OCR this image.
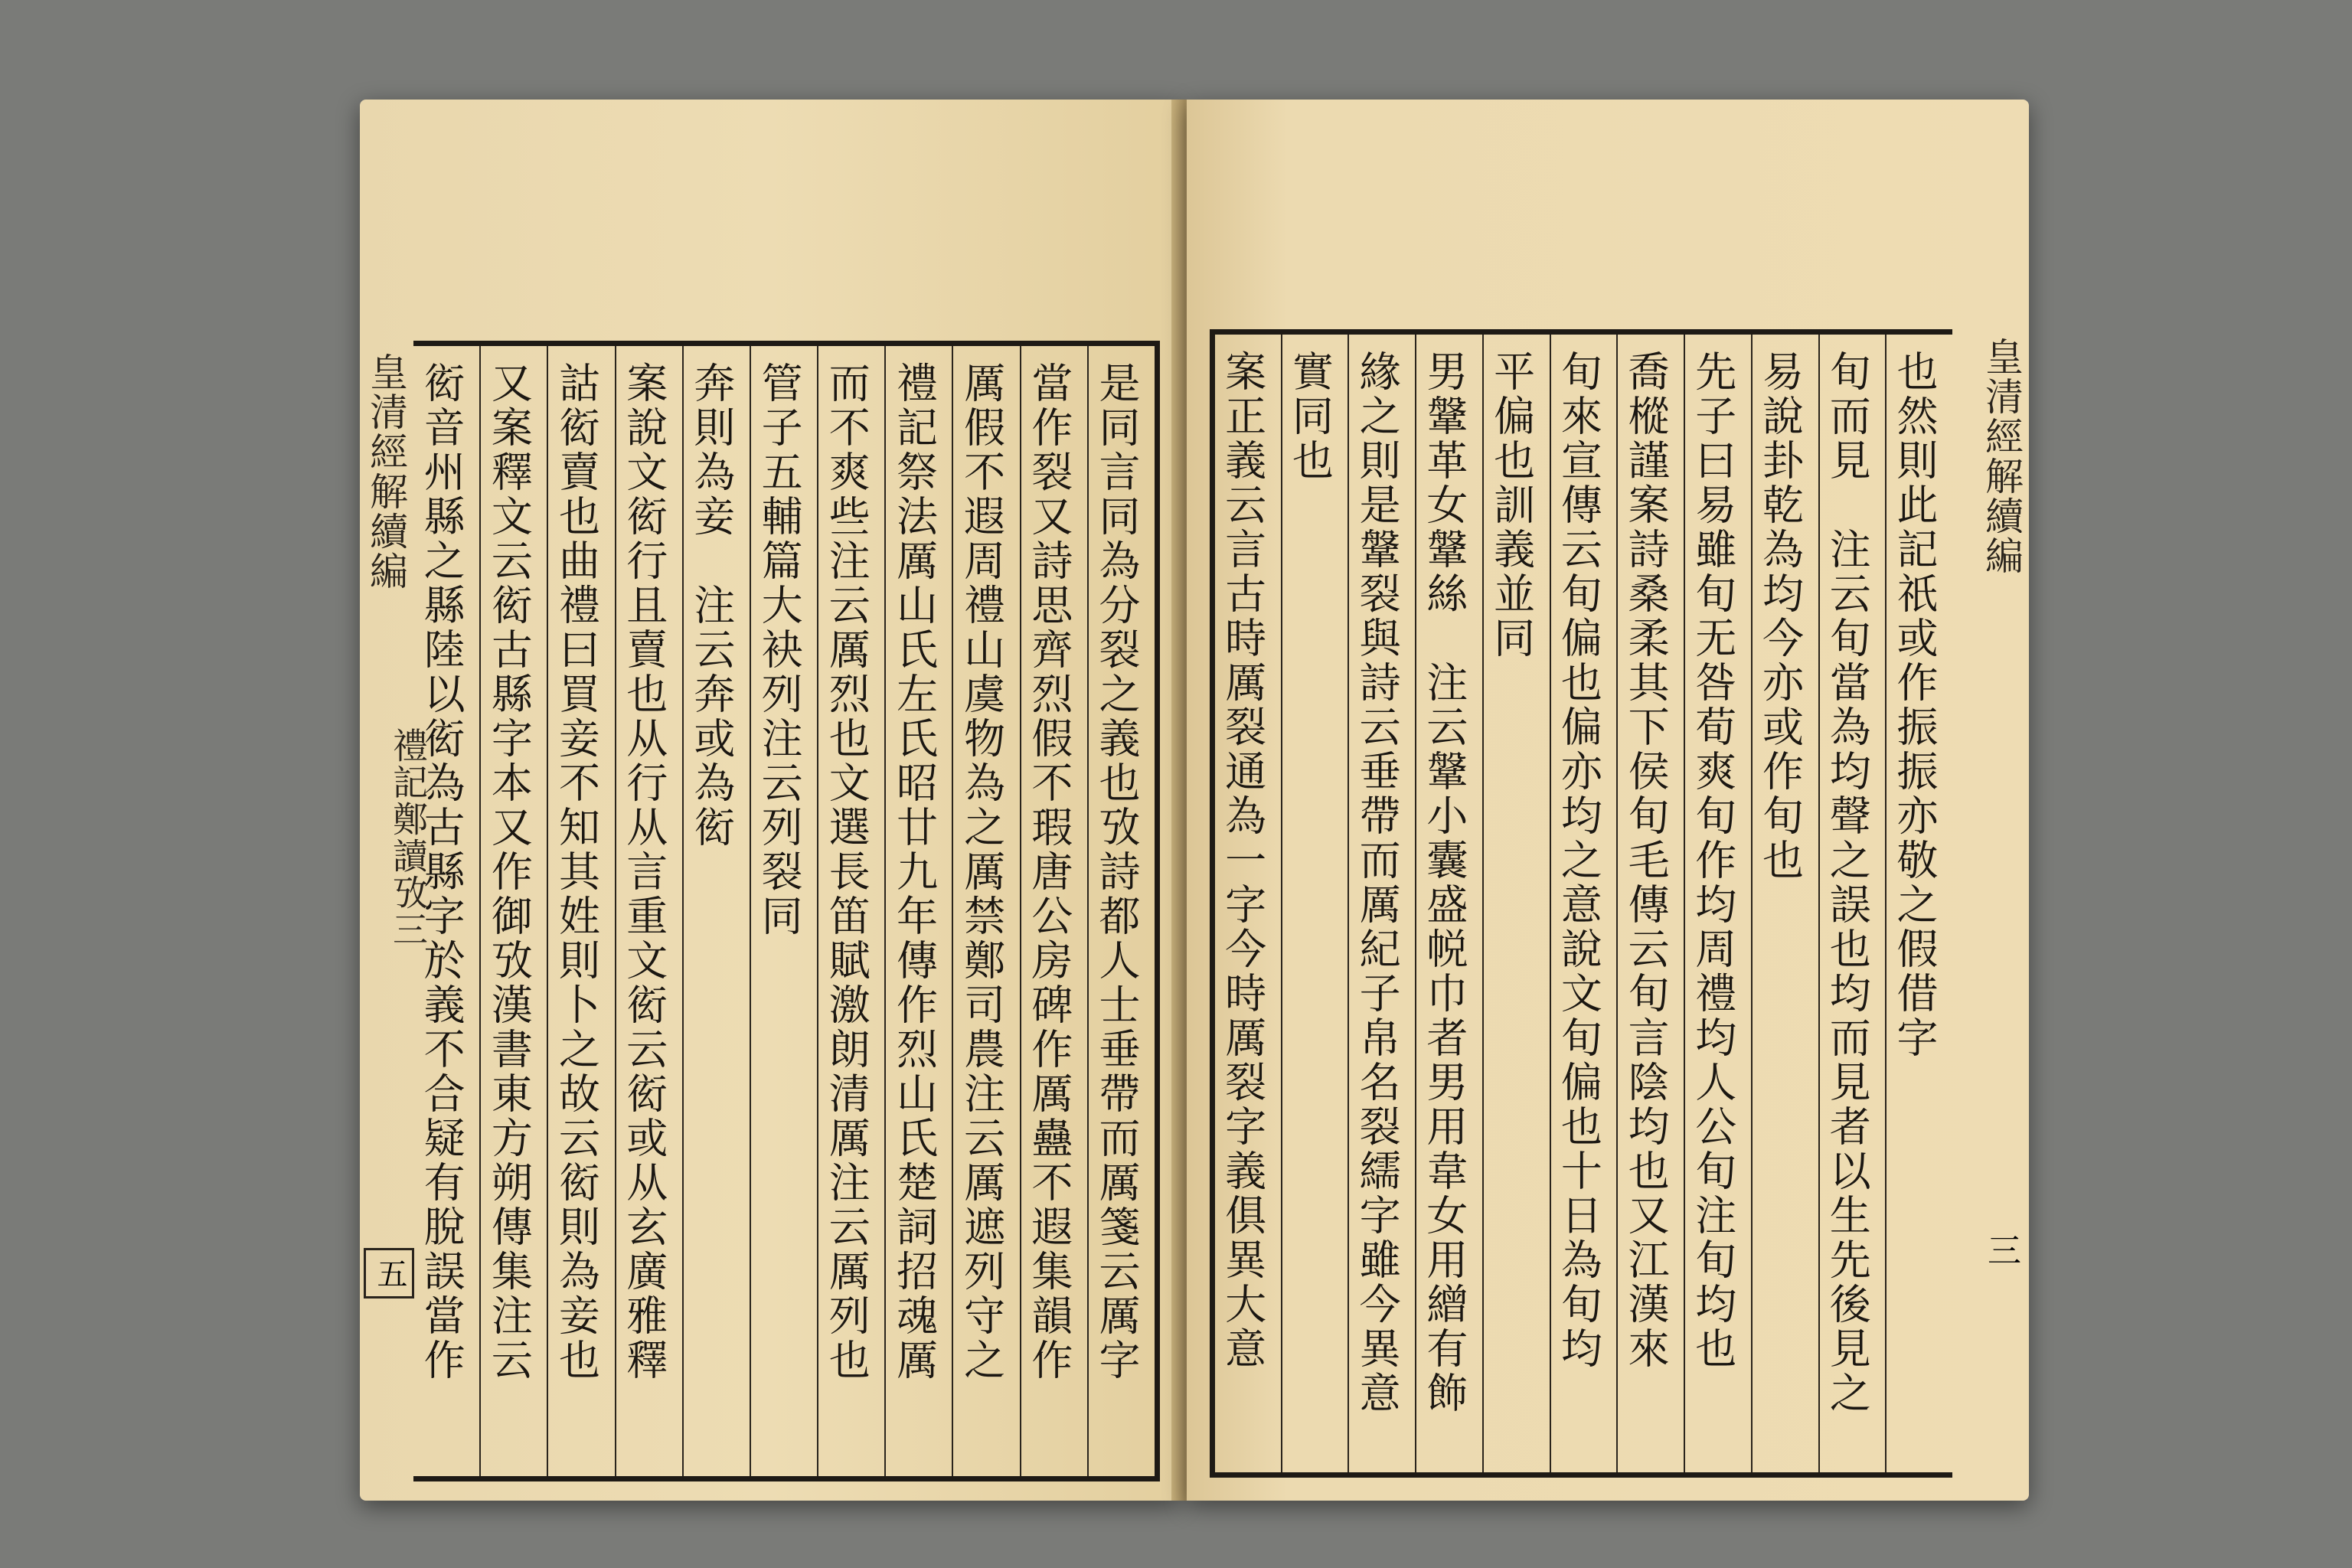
皇清經解續編
禮記鄭讀攷三
五	是同言同為分裂之義也攷詩都人士垂帶而厲箋云厲字
當作裂又詩思齊烈假不瑕唐公房碑作厲蠱不遐集韻作
厲假不遐周禮山虞物為之厲禁鄭司農注云厲遮列守之
禮記祭法厲山氏左氏昭廿九年傳作烈山氏楚詞招魂厲
而不爽些注云厲烈也文選長笛賦激朗清厲注云厲列也
管子五輔篇大袂列注云列裂同
奔則為妾　注云奔或為衒
案說文衒行且賣也从行从言重文衒云衒或从玄廣雅釋
詁衒賣也曲禮曰買妾不知其姓則卜之故云衒則為妾也
又案釋文云衒古縣字本又作御攷漢書東方朔傳集注云
衒音州縣之縣陸以衒為古縣字於義不合疑有脫誤當作	皇清經解續編
三
也然則此記祇或作振振亦敬之假借字
旬而見　注云旬當為均聲之誤也均而見者以生先後見之
易說卦乾為均今亦或作旬也
先子曰易雖旬无咎荀爽旬作均周禮均人公旬注旬均也
喬樅謹案詩桑柔其下侯旬毛傳云旬言陰均也又江漢來
旬來宣傳云旬偏也偏亦均之意說文旬偏也十日為旬均
平偏也訓義並同
男鞶革女鞶絲　注云鞶小囊盛帨巾者男用韋女用繒有飾
緣之則是鞶裂與詩云垂帶而厲紀子帛名裂繻字雖今異意
實同也
案正義云言古時厲裂通為一字今時厲裂字義俱異大意
